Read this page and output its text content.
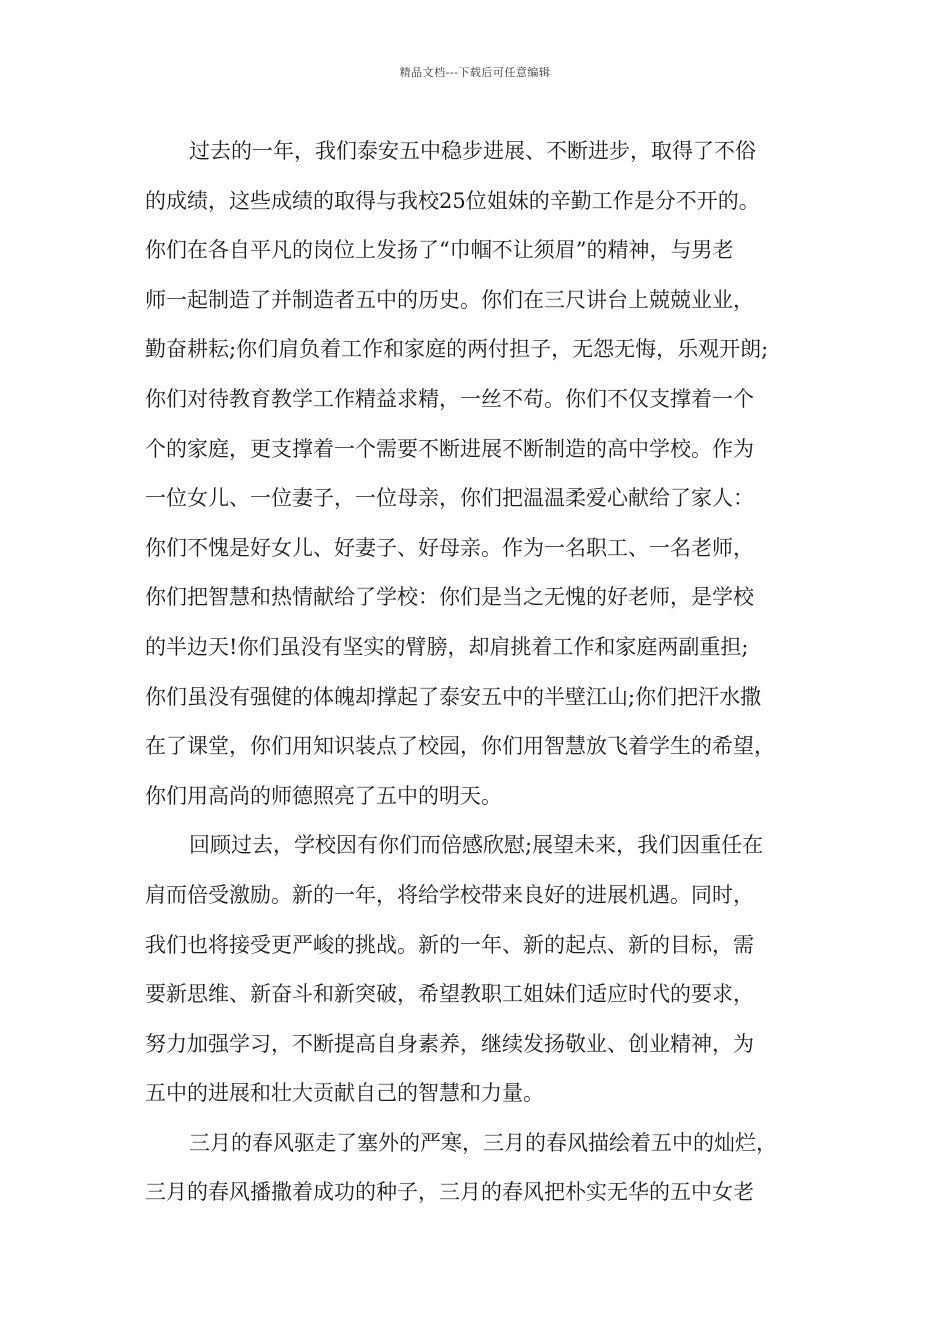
精品文档---下载后可任意编辑
过去的一年，我们泰安五中稳步进展、不断进步，取得了不俗
的成绩，这些成绩的取得与我校25位姐妹的辛勤工作是分不开的。
你们在各自平凡的岗位上发扬了“巾帼不让须眉”的精神，与男老
师一起制造了并制造者五中的历史。你们在三尺讲台上兢兢业业，
勤奋耕耘;你们肩负着工作和家庭的两付担子，无怨无悔，乐观开朗;
你们对待教育教学工作精益求精，一丝不苟。你们不仅支撑着一个
个的家庭，更支撑着一个需要不断进展不断制造的高中学校。作为
一位女儿、一位妻子，一位母亲，你们把温温柔爱心献给了家人：
你们不愧是好女儿、好妻子、好母亲。作为一名职工、一名老师，
你们把智慧和热情献给了学校：你们是当之无愧的好老师，是学校
的半边天!你们虽没有坚实的臂膀，却肩挑着工作和家庭两副重担;
你们虽没有强健的体魄却撑起了泰安五中的半壁江山;你们把汗水撒
在了课堂，你们用知识装点了校园，你们用智慧放飞着学生的希望，
你们用高尚的师德照亮了五中的明天。
回顾过去，学校因有你们而倍感欣慰;展望未来，我们因重任在
肩而倍受激励。新的一年，将给学校带来良好的进展机遇。同时，
我们也将接受更严峻的挑战。新的一年、新的起点、新的目标，需
要新思维、新奋斗和新突破，希望教职工姐妹们适应时代的要求，
努力加强学习，不断提高自身素养，继续发扬敬业、创业精神，为
五中的进展和壮大贡献自己的智慧和力量。
三月的春风驱走了塞外的严寒，三月的春风描绘着五中的灿烂，
三月的春风播撒着成功的种子，三月的春风把朴实无华的五中女老
